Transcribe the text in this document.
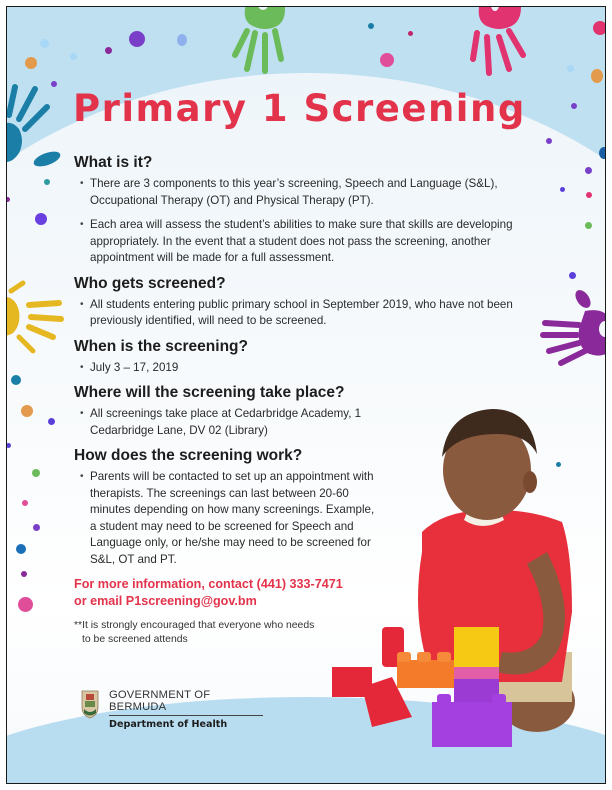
Primary 1 Screening
What is it?
• There are 3 components to this year’s screening, Speech and Language (S&L), Occupational Therapy (OT) and Physical Therapy (PT).
• Each area will assess the student’s abilities to make sure that skills are developing appropriately. In the event that a student does not pass the screening, another appointment will be made for a full assessment.
Who gets screened?
• All students entering public primary school in September 2019, who have not been previously identified, will need to be screened.
When is the screening?
• July 3 – 17, 2019
Where will the screening take place?
• All screenings take place at Cedarbridge Academy, 1 Cedarbridge Lane, DV 02 (Library)
How does the screening work?
• Parents will be contacted to set up an appointment with therapists. The screenings can last between 20-60 minutes depending on how many screenings. Example, a student may need to be screened for Speech and Language only, or he/she may need to be screened for S&L, OT and PT.
For more information, contact (441) 333-7471
or email P1screening@gov.bm
**It is strongly encouraged that everyone who needs
to be screened attends
GOVERNMENT OF BERMUDA
Department of Health
